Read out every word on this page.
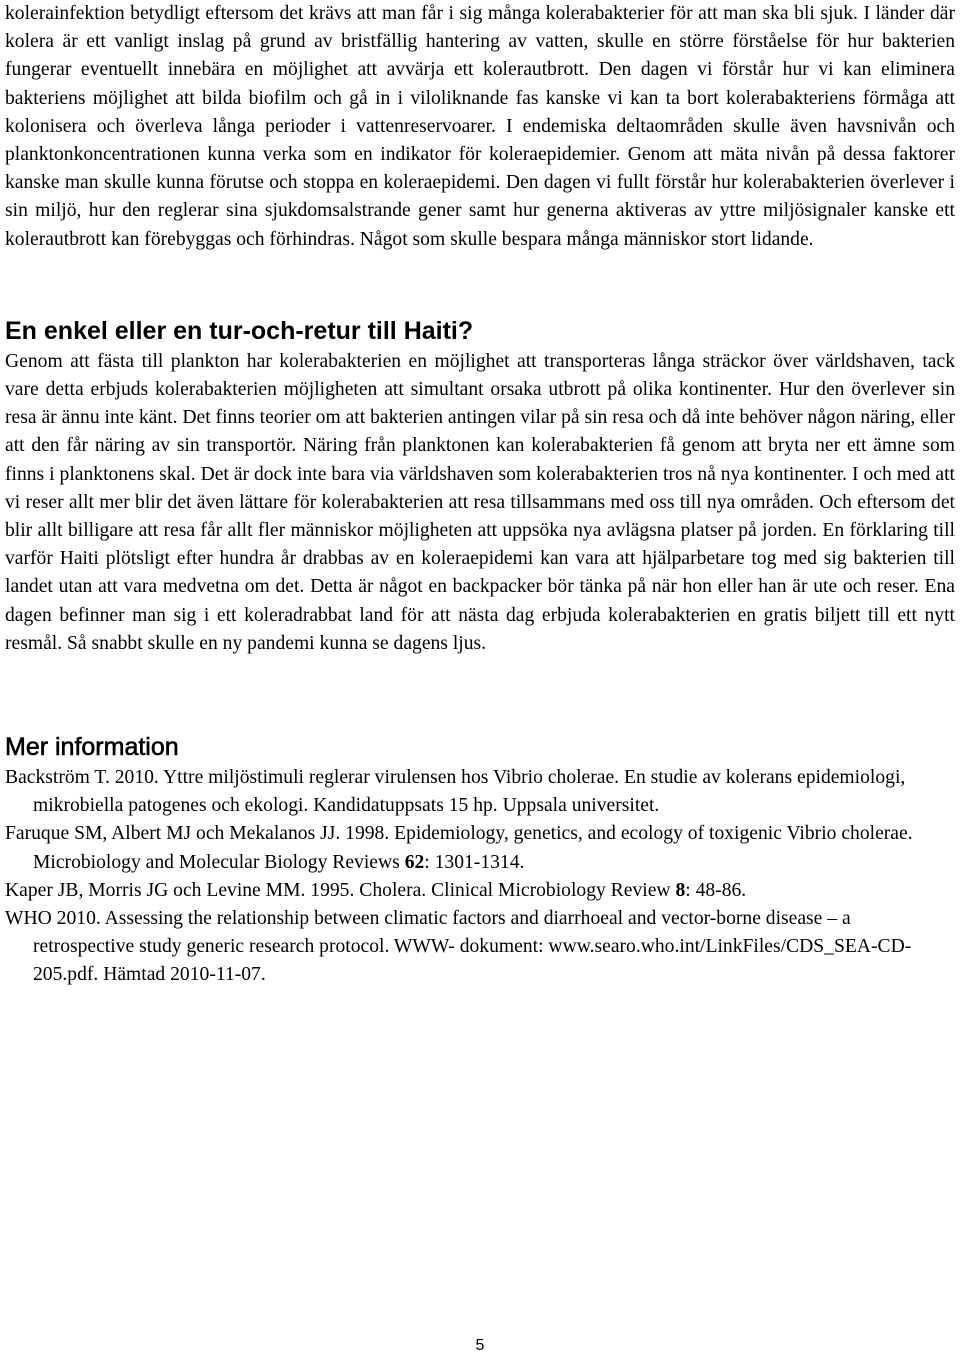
kolerainfektion betydligt eftersom det krävs att man får i sig många kolerabakterier för att man ska bli sjuk. I länder där kolera är ett vanligt inslag på grund av bristfällig hantering av vatten, skulle en större förståelse för hur bakterien fungerar eventuellt innebära en möjlighet att avvärja ett kolerautbrott. Den dagen vi förstår hur vi kan eliminera bakteriens möjlighet att bilda biofilm och gå in i viloliknande fas kanske vi kan ta bort kolerabakteriens förmåga att kolonisera och överleva långa perioder i vattenreservoarer. I endemiska deltaområden skulle även havsnivån och planktonkoncentrationen kunna verka som en indikator för koleraepidemier. Genom att mäta nivån på dessa faktorer kanske man skulle kunna förutse och stoppa en koleraepidemi. Den dagen vi fullt förstår hur kolerabakterien överlever i sin miljö, hur den reglerar sina sjukdomsalstrande gener samt hur generna aktiveras av yttre miljösignaler kanske ett kolerautbrott kan förebyggas och förhindras. Något som skulle bespara många människor stort lidande.

En enkel eller en tur-och-retur till Haiti?

Genom att fästa till plankton har kolerabakterien en möjlighet att transporteras långa sträckor över världshaven, tack vare detta erbjuds kolerabakterien möjligheten att simultant orsaka utbrott på olika kontinenter. Hur den överlever sin resa är ännu inte känt. Det finns teorier om att bakterien antingen vilar på sin resa och då inte behöver någon näring, eller att den får näring av sin transportör. Näring från planktonen kan kolerabakterien få genom att bryta ner ett ämne som finns i planktonens skal. Det är dock inte bara via världshaven som kolerabakterien tros nå nya kontinenter. I och med att vi reser allt mer blir det även lättare för kolerabakterien att resa tillsammans med oss till nya områden. Och eftersom det blir allt billigare att resa får allt fler människor möjligheten att uppsöka nya avlägsna platser på jorden. En förklaring till varför Haiti plötsligt efter hundra år drabbas av en koleraepidemi kan vara att hjälparbetare tog med sig bakterien till landet utan att vara medvetna om det. Detta är något en backpacker bör tänka på när hon eller han är ute och reser. Ena dagen befinner man sig i ett koleradrabbat land för att nästa dag erbjuda kolerabakterien en gratis biljett till ett nytt resmål. Så snabbt skulle en ny pandemi kunna se dagens ljus.

Mer information
Backström T. 2010. Yttre miljöstimuli reglerar virulensen hos Vibrio cholerae. En studie av kolerans epidemiologi, mikrobiella patogenes och ekologi. Kandidatuppsats 15 hp. Uppsala universitet.
Faruque SM, Albert MJ och Mekalanos JJ. 1998. Epidemiology, genetics, and ecology of toxigenic Vibrio cholerae. Microbiology and Molecular Biology Reviews 62: 1301-1314.
Kaper JB, Morris JG och Levine MM. 1995. Cholera. Clinical Microbiology Review 8: 48-86.
WHO 2010. Assessing the relationship between climatic factors and diarrhoeal and vector-borne disease – a retrospective study generic research protocol. WWW- dokument: www.searo.who.int/LinkFiles/CDS_SEA-CD-205.pdf. Hämtad 2010-11-07.
5
